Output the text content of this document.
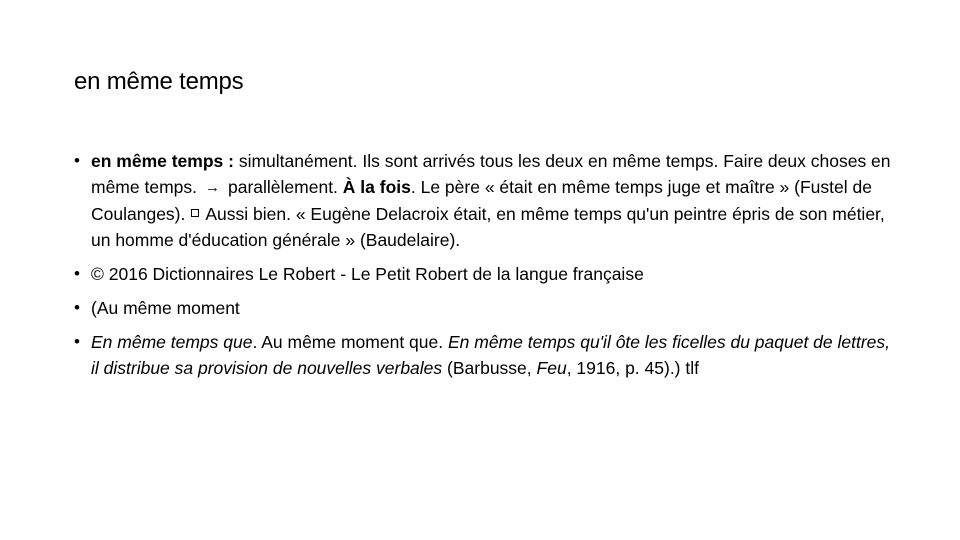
en même temps
• en même temps : simultanément. Ils sont arrivés tous les deux en même temps. Faire deux choses en même temps. → parallèlement. À la fois. Le père « était en même temps juge et maître » (Fustel de Coulanges). Aussi bien. « Eugène Delacroix était, en même temps qu'un peintre épris de son métier, un homme d'éducation générale » (Baudelaire).
• © 2016 Dictionnaires Le Robert - Le Petit Robert de la langue française
• (Au même moment
• En même temps que. Au même moment que. En même temps qu'il ôte les ficelles du paquet de lettres, il distribue sa provision de nouvelles verbales (Barbusse, Feu, 1916, p. 45).) tlf
